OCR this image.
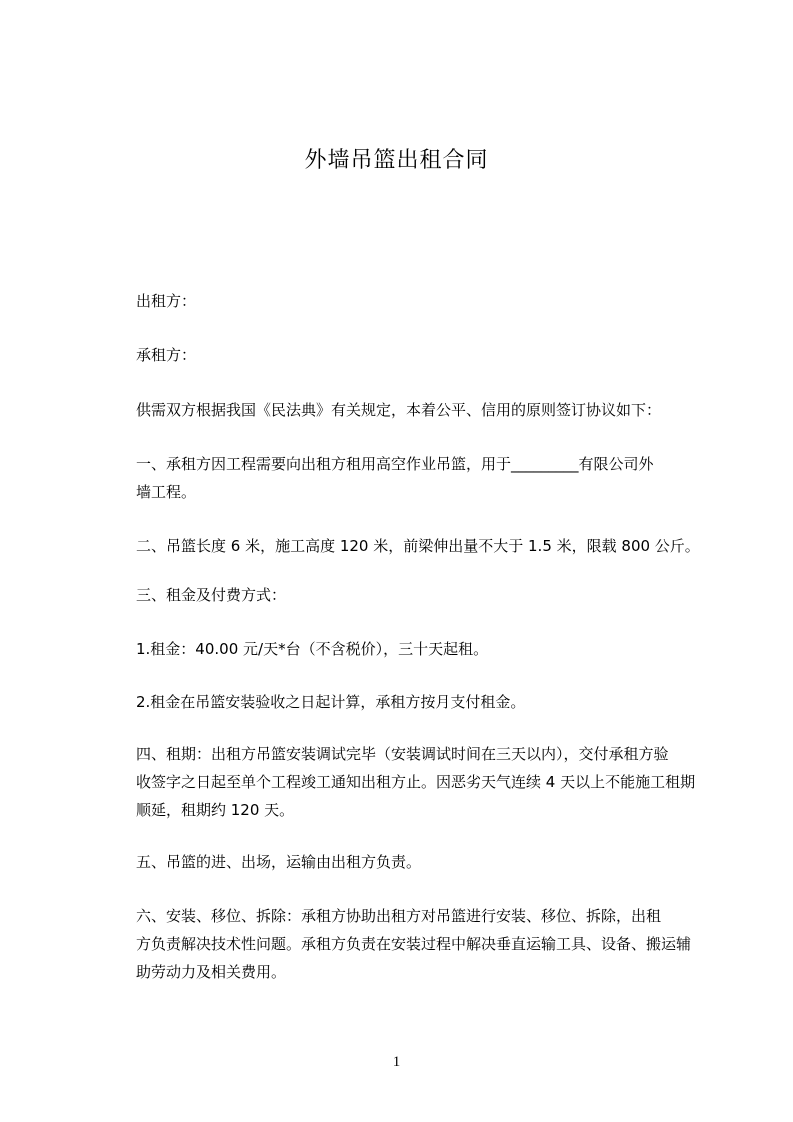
外墙吊篮出租合同
出租方：
承租方：
供需双方根据我国《民法典》有关规定，本着公平、信用的原则签订协议如下：
一、承租方因工程需要向出租方租用高空作业吊篮，用于_________有限公司外
墙工程。
二、吊篮长度 6 米，施工高度 120 米，前梁伸出量不大于 1.5 米，限载 800 公斤。
三、租金及付费方式：
1.租金：40.00 元/天*台（不含税价），三十天起租。
2.租金在吊篮安装验收之日起计算，承租方按月支付租金。
四、租期：出租方吊篮安装调试完毕（安装调试时间在三天以内），交付承租方验
收签字之日起至单个工程竣工通知出租方止。因恶劣天气连续 4 天以上不能施工租期
顺延，租期约 120 天。
五、吊篮的进、出场，运输由出租方负责。
六、安装、移位、拆除：承租方协助出租方对吊篮进行安装、移位、拆除，出租
方负责解决技术性问题。承租方负责在安装过程中解决垂直运输工具、设备、搬运辅
助劳动力及相关费用。
1
